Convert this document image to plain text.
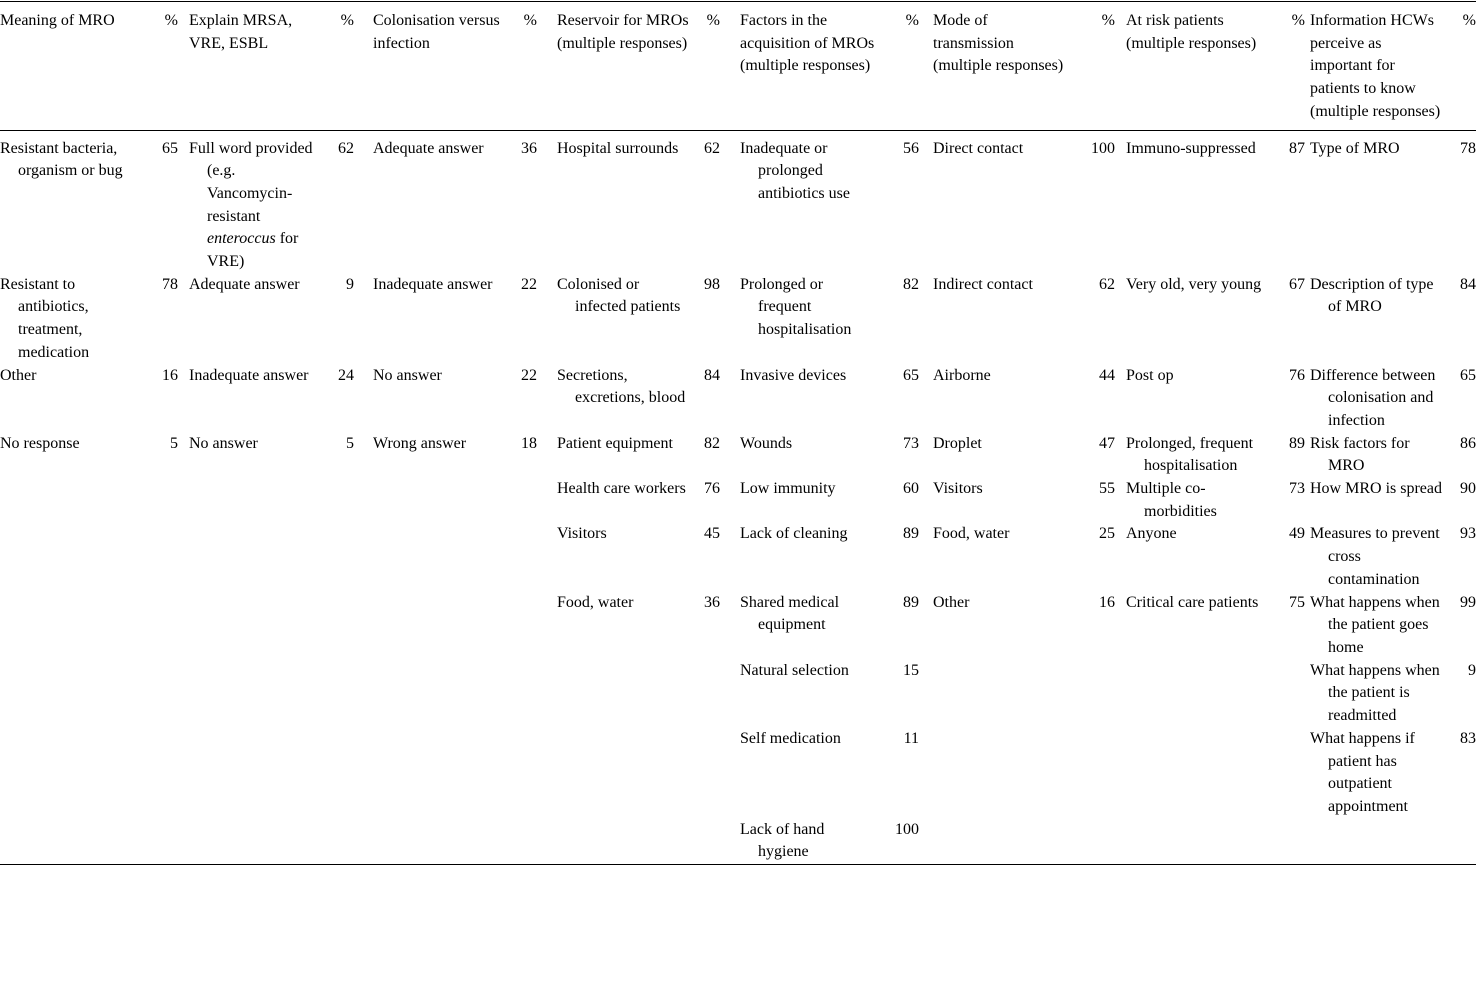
Meaning of MRO	%		Explain MRSA, VRE, ESBL	%		Colonisation versus infection	%		Reservoir for MROs (multiple responses)	%		Factors in the acquisition of MROs (multiple responses)	%		Mode of transmission (multiple responses)	%		At risk patients (multiple responses)	%		Information HCWs perceive as important for patients to know (multiple responses)	%

Resistant bacteria, organism or bug	65		Full word provided (e.g. Vancomycin-resistant enteroccus for VRE)	62		Adequate answer	36		Hospital surrounds	62		Inadequate or prolonged antibiotics use	56		Direct contact	100		Immuno-suppressed	87		Type of MRO	78

Resistant to antibiotics, treatment, medication	78		Adequate answer	9		Inadequate answer	22		Colonised or infected patients	98		Prolonged or frequent hospitalisation	82		Indirect contact	62		Very old, very young	67		Description of type of MRO	84

Other	16		Inadequate answer	24		No answer	22		Secretions, excretions, blood	84		Invasive devices	65		Airborne	44		Post op	76		Difference between colonisation and infection	65

No response	5		No answer	5		Wrong answer	18		Patient equipment	82		Wounds	73		Droplet	47		Prolonged, frequent hospitalisation	89		Risk factors for MRO	86

									Health care workers	76		Low immunity	60		Visitors	55		Multiple co-morbidities	73		How MRO is spread	90

									Visitors	45		Lack of cleaning	89		Food, water	25		Anyone	49		Measures to prevent cross contamination	93

									Food, water	36		Shared medical equipment	89		Other	16		Critical care patients	75		What happens when the patient goes home	99

												Natural selection	15								What happens when the patient is readmitted	9

												Self medication	11								What happens if patient has outpatient appointment	83

												Lack of hand hygiene	100		
